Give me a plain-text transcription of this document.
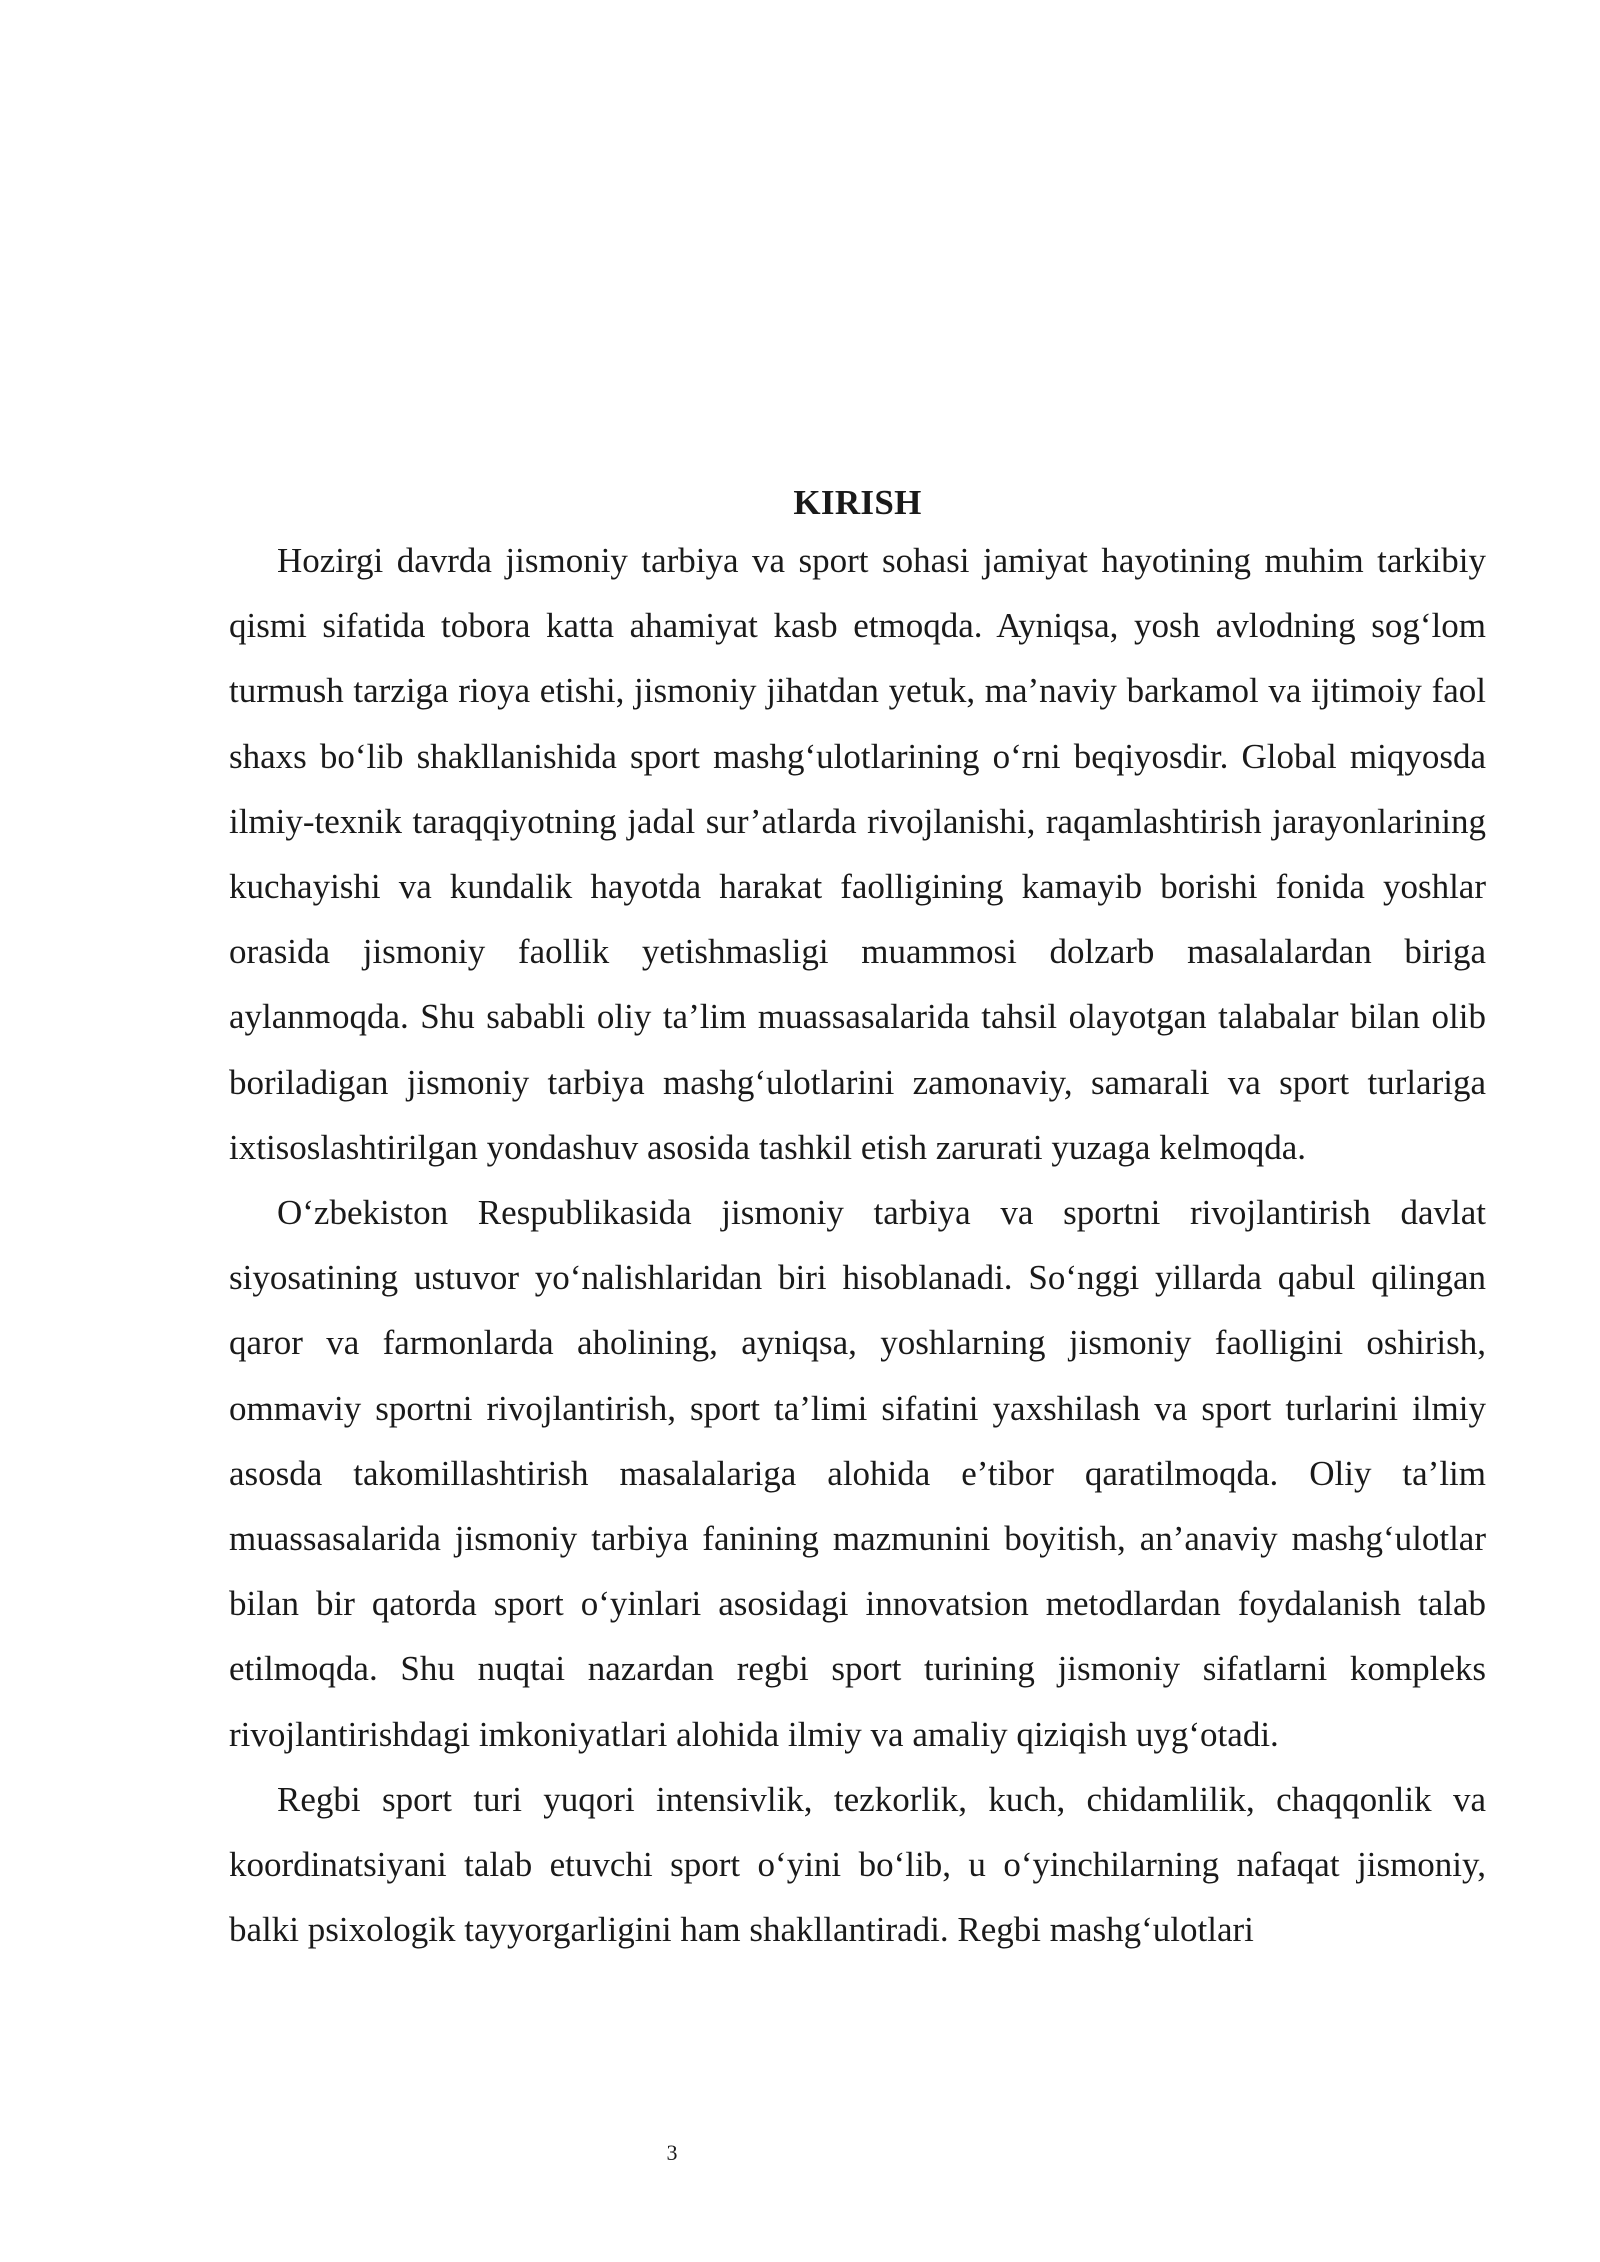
KIRISH

Hozirgi davrda jismoniy tarbiya va sport sohasi jamiyat hayotining muhim tarkibiy qismi sifatida tobora katta ahamiyat kasb etmoqda. Ayniqsa, yosh avlodning sog‘lom turmush tarziga rioya etishi, jismoniy jihatdan yetuk, ma’naviy barkamol va ijtimoiy faol shaxs bo‘lib shakllanishida sport mashg‘ulotlarining o‘rni beqiyosdir. Global miqyosda ilmiy-texnik taraqqiyotning jadal sur’atlarda rivojlanishi, raqamlashtirish jarayonlarining kuchayishi va kundalik hayotda harakat faolligining kamayib borishi fonida yoshlar orasida jismoniy faollik yetishmasligi muammosi dolzarb masalalardan biriga aylanmoqda. Shu sababli oliy ta’lim muassasalarida tahsil olayotgan talabalar bilan olib boriladigan jismoniy tarbiya mashg‘ulotlarini zamonaviy, samarali va sport turlariga ixtisoslashtirilgan yondashuv asosida tashkil etish zarurati yuzaga kelmoqda.

O‘zbekiston Respublikasida jismoniy tarbiya va sportni rivojlantirish davlat siyosatining ustuvor yo‘nalishlaridan biri hisoblanadi. So‘nggi yillarda qabul qilingan qaror va farmonlarda aholining, ayniqsa, yoshlarning jismoniy faolligini oshirish, ommaviy sportni rivojlantirish, sport ta’limi sifatini yaxshilash va sport turlarini ilmiy asosda takomillashtirish masalalariga alohida e’tibor qaratilmoqda. Oliy ta’lim muassasalarida jismoniy tarbiya fanining mazmunini boyitish, an’anaviy mashg‘ulotlar bilan bir qatorda sport o‘yinlari asosidagi innovatsion metodlardan foydalanish talab etilmoqda. Shu nuqtai nazardan regbi sport turining jismoniy sifatlarni kompleks rivojlantirishdagi imkoniyatlari alohida ilmiy va amaliy qiziqish uyg‘otadi.

Regbi sport turi yuqori intensivlik, tezkorlik, kuch, chidamlilik, chaqqonlik va koordinatsiyani talab etuvchi sport o‘yini bo‘lib, u o‘yinchilarning nafaqat jismoniy, balki psixologik tayyorgarligini ham shakllantiradi. Regbi mashg‘ulotlari

3
